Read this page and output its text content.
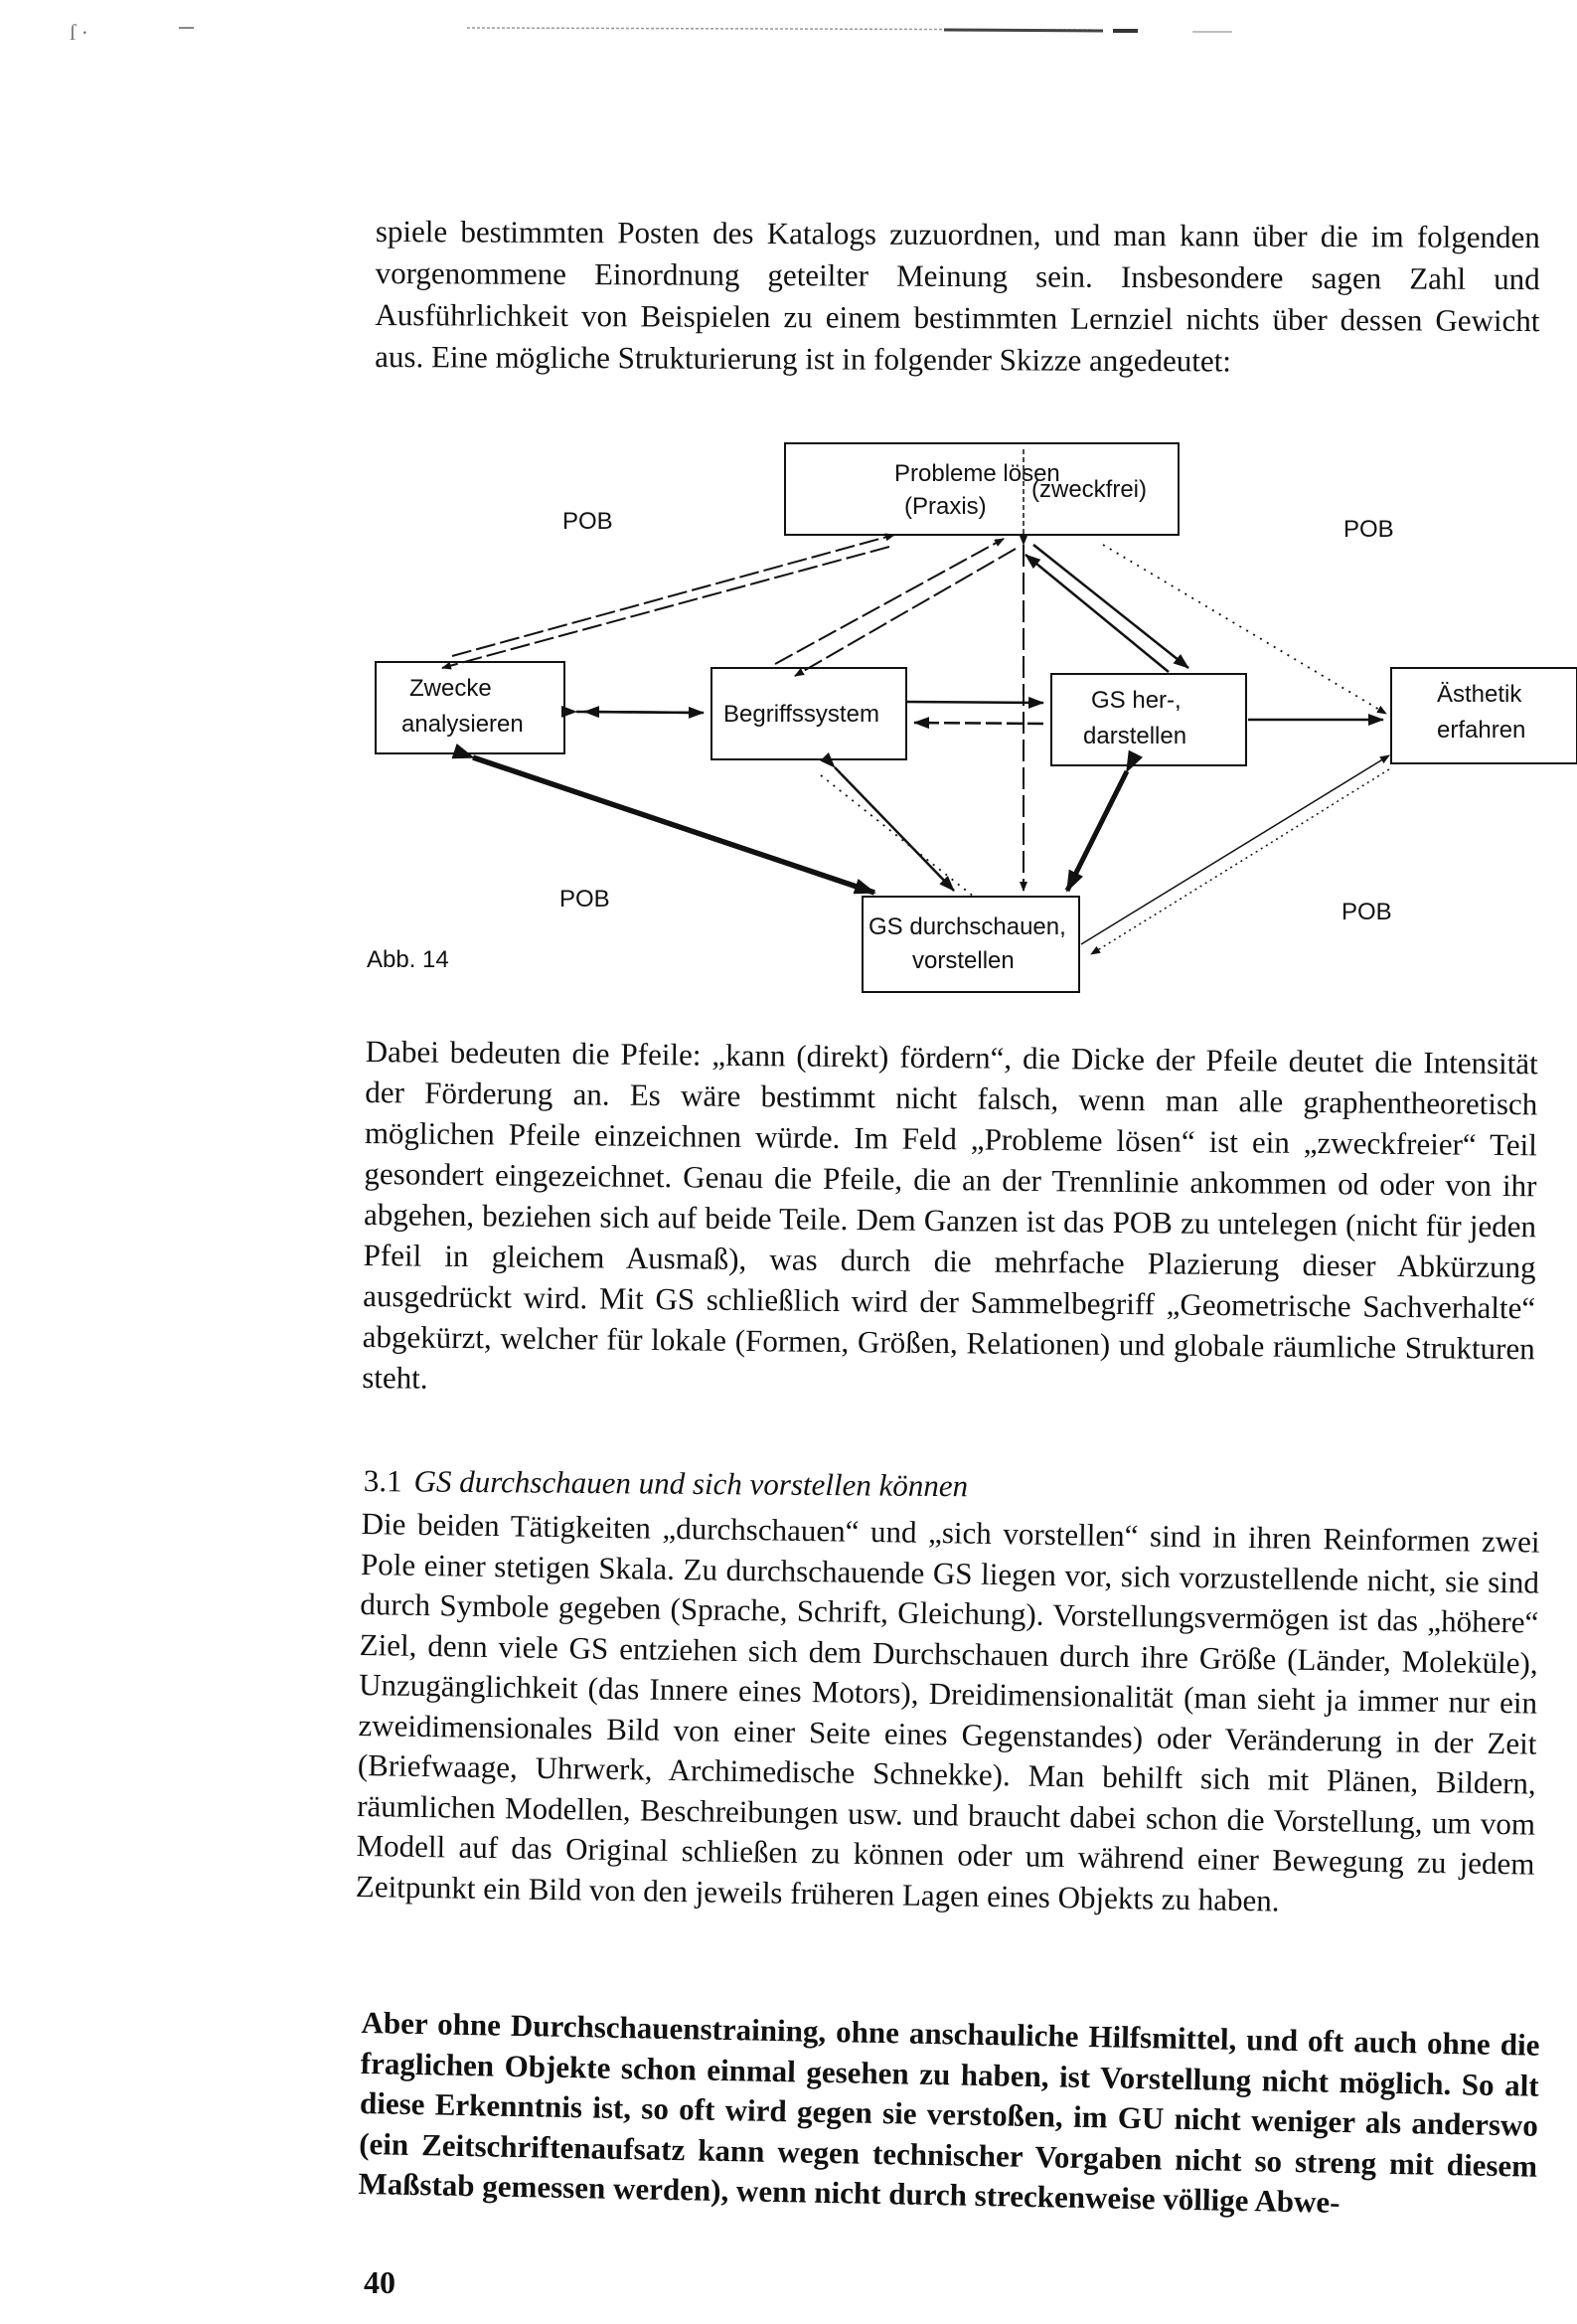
ſ ·

spiele bestimmten Posten des Katalogs zuzuordnen, und man kann über die im folgenden vorgenommene Einordnung geteilter Meinung sein. Insbesondere sagen Zahl und Ausführlichkeit von Beispielen zu einem bestimmten Lernziel nichts über dessen Gewicht aus. Eine mögliche Strukturierung ist in folgender Skizze angedeutet:

Probleme lösen
(Praxis)
(zweckfrei)
Zwecke
analysieren	Begriffssystem
GS her-,
darstellen
Ästhetik
erfahren
GS durchschauen,
vorstellen
POB	POB
POB	POB
Abb. 14

Dabei bedeuten die Pfeile: „kann (direkt) fördern“, die Dicke der Pfeile deutet die Intensität der Förderung an. Es wäre bestimmt nicht falsch, wenn man alle graphentheoretisch möglichen Pfeile einzeichnen würde. Im Feld „Probleme lösen“ ist ein „zweckfreier“ Teil gesondert eingezeichnet. Genau die Pfeile, die an der Trennlinie ankommen od oder von ihr abgehen, beziehen sich auf beide Teile. Dem Ganzen ist das POB zu untelegen (nicht für jeden Pfeil in gleichem Ausmaß), was durch die mehrfache Plazierung dieser Abkürzung ausgedrückt wird. Mit GS schließlich wird der Sammelbegriff „Geometrische Sachverhalte“ abgekürzt, welcher für lokale (Formen, Größen, Relationen) und globale räumliche Strukturen steht.

3.1 GS durchschauen und sich vorstellen können

Die beiden Tätigkeiten „durchschauen“ und „sich vorstellen“ sind in ihren Reinformen zwei Pole einer stetigen Skala. Zu durchschauende GS liegen vor, sich vorzustellende nicht, sie sind durch Symbole gegeben (Sprache, Schrift, Gleichung). Vorstellungsvermögen ist das „höhere“ Ziel, denn viele GS entziehen sich dem Durchschauen durch ihre Größe (Länder, Moleküle), Unzugänglichkeit (das Innere eines Motors), Dreidimensionalität (man sieht ja immer nur ein zweidimensionales Bild von einer Seite eines Gegenstandes) oder Veränderung in der Zeit (Briefwaage, Uhrwerk, Archimedische Schnekke). Man behilft sich mit Plänen, Bildern, räumlichen Modellen, Beschreibungen usw. und braucht dabei schon die Vorstellung, um vom Modell auf das Original schließen zu können oder um während einer Bewegung zu jedem Zeitpunkt ein Bild von den jeweils früheren Lagen eines Objekts zu haben.

Aber ohne Durchschauenstraining, ohne anschauliche Hilfsmittel, und oft auch ohne die fraglichen Objekte schon einmal gesehen zu haben, ist Vorstellung nicht möglich. So alt diese Erkenntnis ist, so oft wird gegen sie verstoßen, im GU nicht weniger als anderswo (ein Zeitschriftenaufsatz kann wegen technischer Vorgaben nicht so streng mit diesem Maßstab gemessen werden), wenn nicht durch streckenweise völlige Abwe-

40
